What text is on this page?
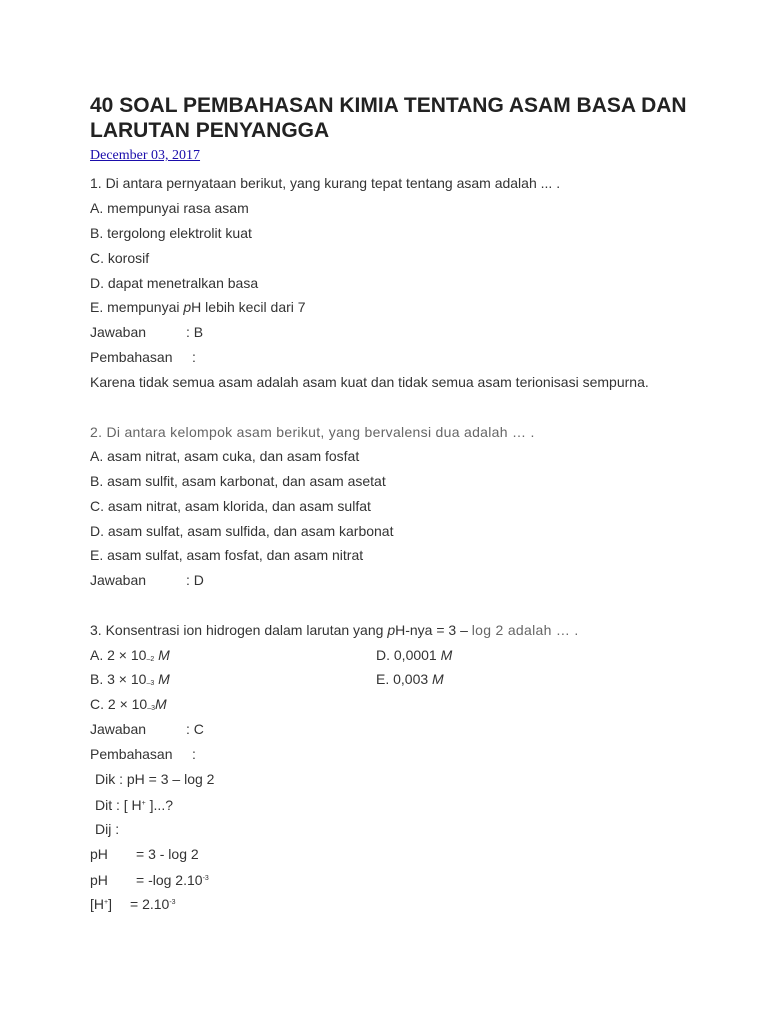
40 SOAL PEMBAHASAN KIMIA TENTANG ASAM BASA DAN LARUTAN PENYANGGA
December 03, 2017
1. Di antara pernyataan berikut, yang kurang tepat tentang asam adalah ... .
A. mempunyai rasa asam
B. tergolong elektrolit kuat
C. korosif
D. dapat menetralkan basa
E. mempunyai pH lebih kecil dari 7
Jawaban	: B
Pembahasan :
Karena tidak semua asam adalah asam kuat dan tidak semua asam terionisasi sempurna.
2. Di antara kelompok asam berikut, yang bervalensi dua adalah … .
A. asam nitrat, asam cuka, dan asam fosfat
B. asam sulfit, asam karbonat, dan asam asetat
C. asam nitrat, asam klorida, dan asam sulfat
D. asam sulfat, asam sulfida, dan asam karbonat
E. asam sulfat, asam fosfat, dan asam nitrat
Jawaban	: D
3. Konsentrasi ion hidrogen dalam larutan yang pH-nya = 3 – log 2 adalah … .
A. 2 × 10–2 M	D. 0,0001 M
B. 3 × 10–3 M	E. 0,003 M
C. 2 × 10–3M
Jawaban	: C
Pembahasan :
Dik : pH = 3 – log 2
Dit : [ H+ ]...?
Dij :
pH = 3 - log 2
pH = -log $2.10^{-3}$
$[H^+] = 2.10^{-3}$
